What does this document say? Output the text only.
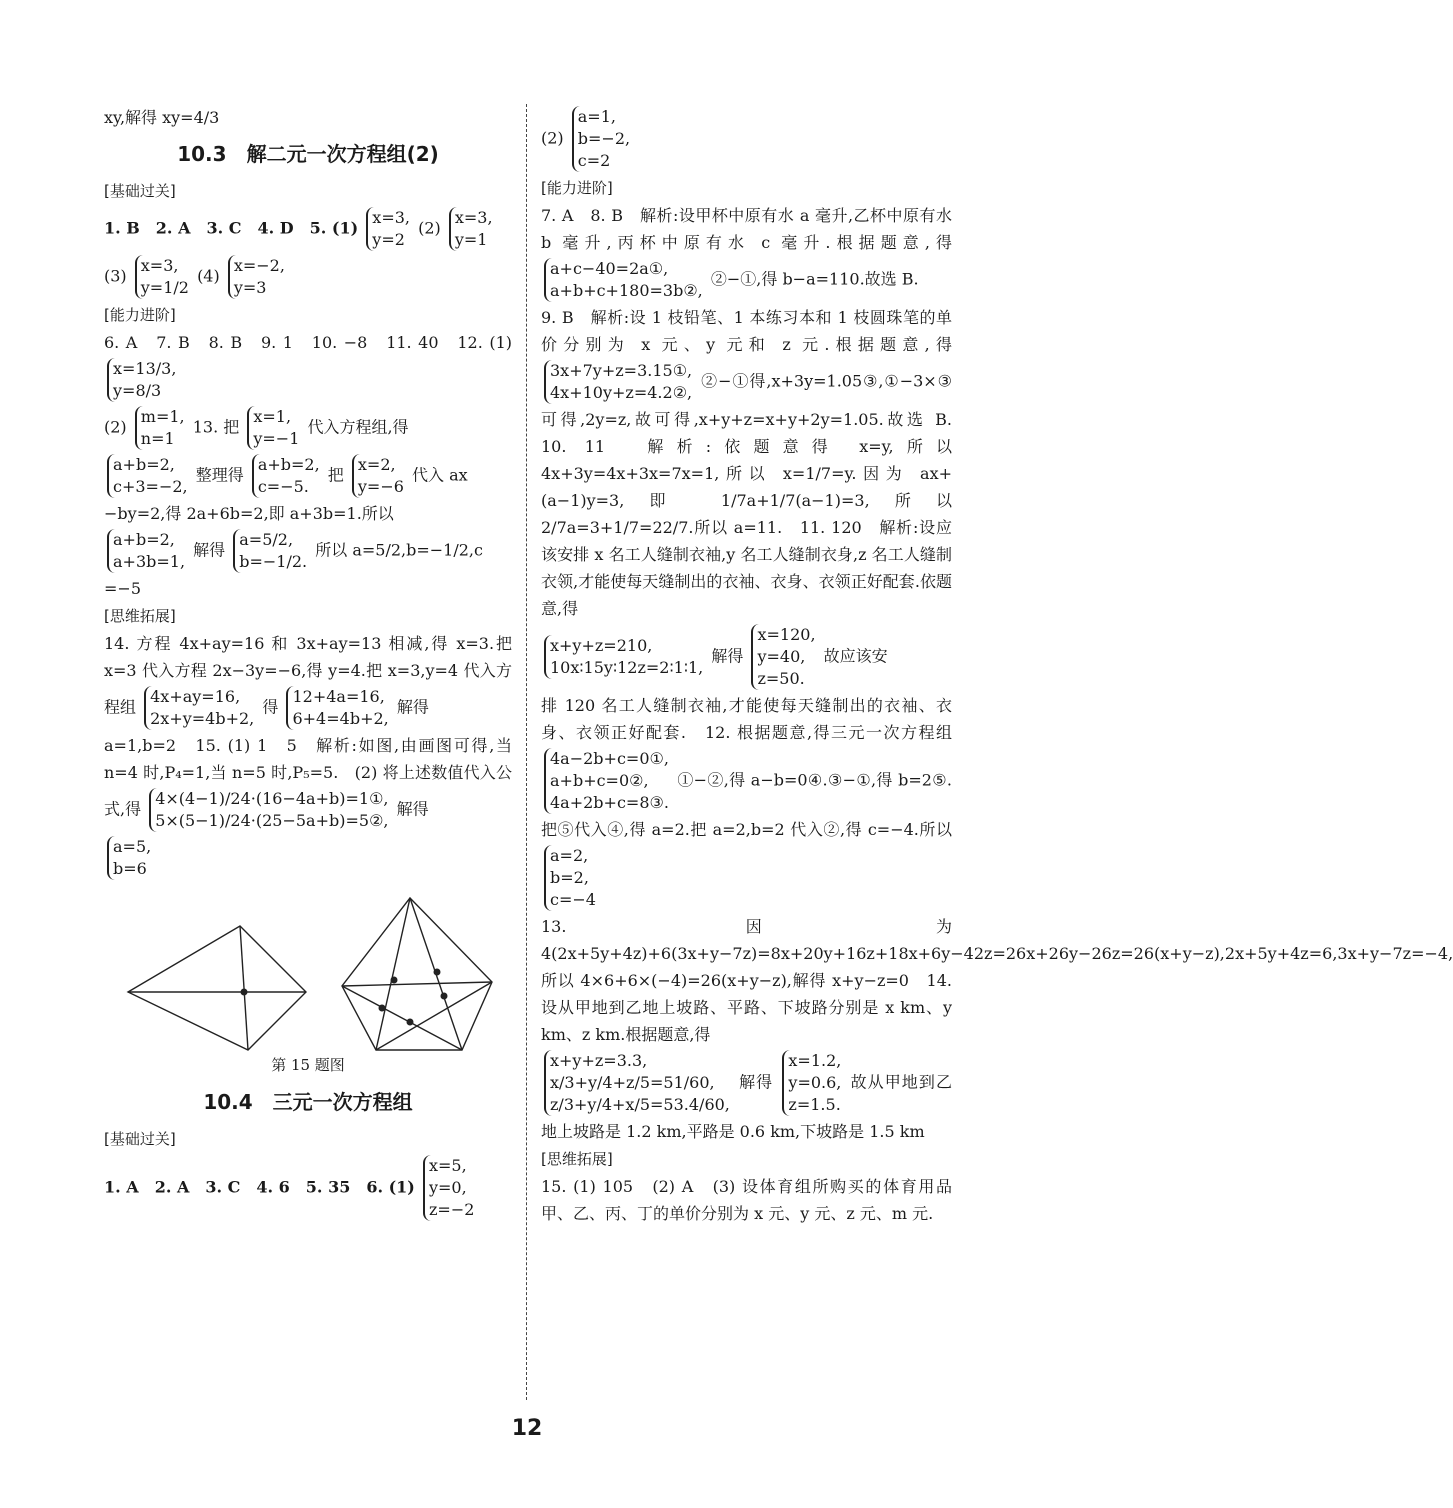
xy,解得 xy=4/3

10.3　解二元一次方程组(2)
[基础过关]

1. B　2. A　3. C　4. D　5. (1)
x=3,
y=2
(2)
x=3,
y=1

(3)
x=3,
y=1/2
(4)
x=−2,
y=3

[能力进阶]

6. A　7. B　8. B　9. 1　10. −8　11. 40　12. (1)
x=13/3,
y=8/3

(2)
m=1,
n=1
13. 把
x=1,
y=−1
代入方程组,得

a+b=2,
c+3=−2,
整理得
a+b=2,
c=−5.
把
x=2,
y=−6
代入 ax

−by=2,得 2a+6b=2,即 a+3b=1.所以

a+b=2,
a+3b=1,
解得
a=5/2,
b=−1/2.
所以 a=5/2,b=−1/2,c

=−5

[思维拓展]

14. 方程 4x+ay=16 和 3x+ay=13 相减,得 x=3.把 x=3 代入方程 2x−3y=−6,得 y=4.把 x=3,y=4 代入方程组
4x+ay=16,
2x+y=4b+2,
得
12+4a=16,
6+4=4b+2,
解得

a=1,b=2　15. (1) 1　5　解析:如图,由画图可得,当 n=4 时,P₄=1,当 n=5 时,P₅=5.　(2) 将上述数值代入公式,得
4×(4−1)/24·(16−4a+b)=1①,
5×(5−1)/24·(25−5a+b)=5②,
解得

a=5,
b=6

第 15 题图
10.4　三元一次方程组
[基础过关]

1. A　2. A　3. C　4. 6　5. 35　6. (1)
x=5,
y=0,
z=−2

(2)
a=1,
b=−2,
c=2

[能力进阶]

7. A　8. B　解析:设甲杯中原有水 a 毫升,乙杯中原有水 b 毫升,丙杯中原有水 c 毫升.根据题意,得
a+c−40=2a①,
a+b+c+180=3b②,
②−①,得 b−a=110.故选 B.

9. B　解析:设 1 枝铅笔、1 本练习本和 1 枝圆珠笔的单价分别为 x 元、y 元和 z 元.根据题意,得
3x+7y+z=3.15①,
4x+10y+z=4.2②,
②−①得,x+3y=1.05③,①−3×③可得,2y=z,故可得,x+y+z=x+y+2y=1.05.故选 B.　10. 11　解析:依题意得 x=y,所以 4x+3y=4x+3x=7x=1,所以 x=1/7=y.因为 ax+(a−1)y=3,即 1/7a+1/7(a−1)=3,所以 2/7a=3+1/7=22/7.所以 a=11.　11. 120　解析:设应该安排 x 名工人缝制衣袖,y 名工人缝制衣身,z 名工人缝制衣领,才能使每天缝制出的衣袖、衣身、衣领正好配套.依题意,得

x+y+z=210,
10x∶15y∶12z=2∶1∶1,
解得
x=120,
y=40,
z=50.
故应该安

排 120 名工人缝制衣袖,才能使每天缝制出的衣袖、衣身、衣领正好配套.　12. 根据题意,得三元一次方程组
4a−2b+c=0①,
a+b+c=0②,
4a+2b+c=8③.
①−②,得 a−b=0④.③−①,得 b=2⑤.把⑤代入④,得 a=2.把 a=2,b=2 代入②,得 c=−4.所以
a=2,
b=2,
c=−4

13. 因为 4(2x+5y+4z)+6(3x+y−7z)=8x+20y+16z+18x+6y−42z=26x+26y−26z=26(x+y−z),2x+5y+4z=6,3x+y−7z=−4,所以 4×6+6×(−4)=26(x+y−z),解得 x+y−z=0　14. 设从甲地到乙地上坡路、平路、下坡路分别是 x km、y km、z km.根据题意,得

x+y+z=3.3,
x/3+y/4+z/5=51/60,
z/3+y/4+x/5=53.4/60,
解得
x=1.2,
y=0.6,
z=1.5.
故从甲地到乙地上坡路是 1.2 km,平路是 0.6 km,下坡路是 1.5 km

[思维拓展]

15. (1) 105　(2) A　(3) 设体育组所购买的体育用品甲、乙、丙、丁的单价分别为 x 元、y 元、z 元、m 元.

12
